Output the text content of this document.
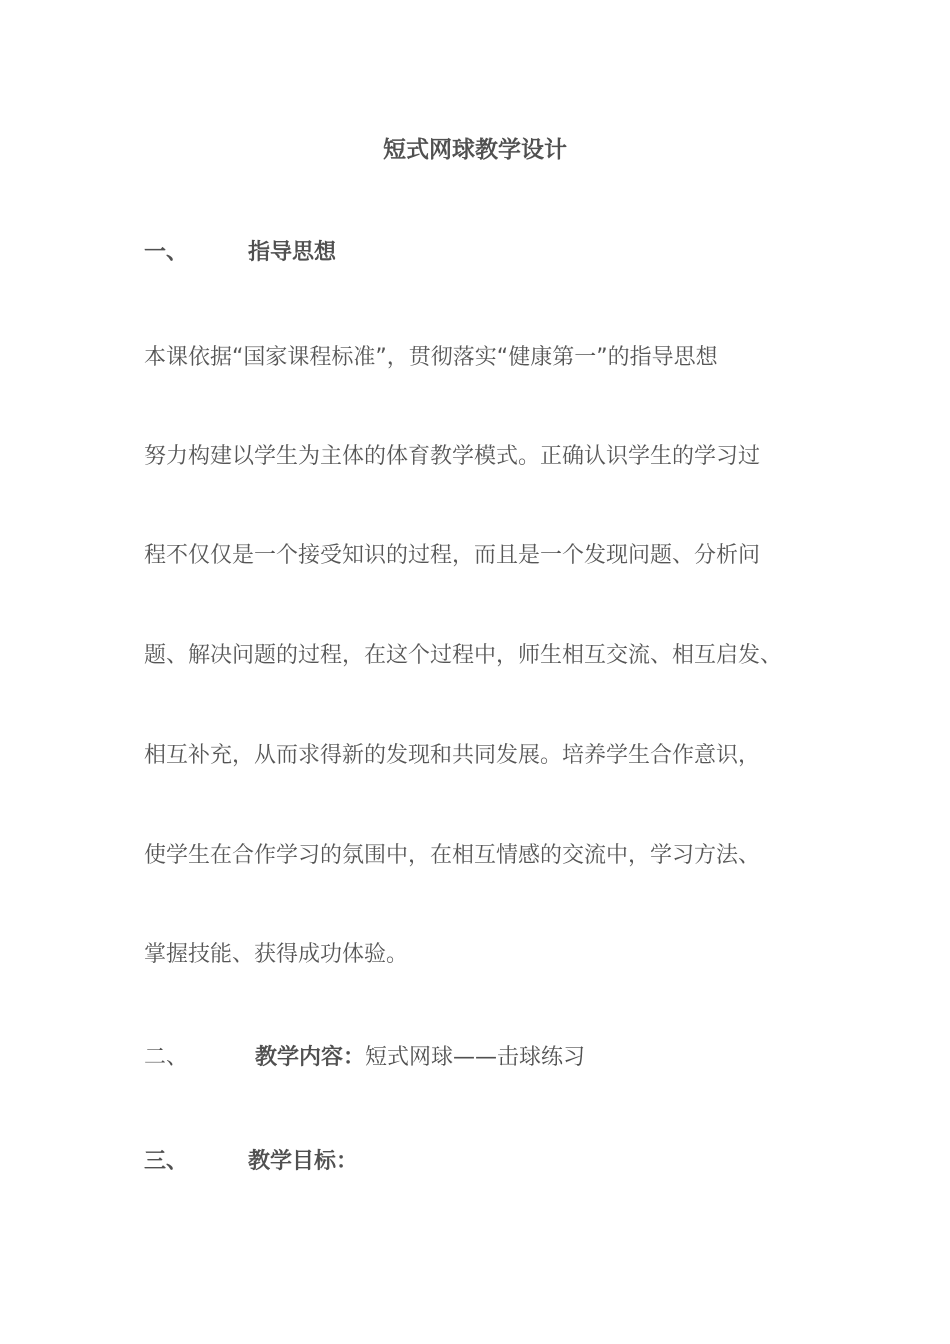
短式网球教学设计
一、	指导思想

本课依据“国家课程标准”，贯彻落实“健康第一”的指导思想

努力构建以学生为主体的体育教学模式。正确认识学生的学习过

程不仅仅是一个接受知识的过程，而且是一个发现问题、分析问

题、解决问题的过程，在这个过程中，师生相互交流、相互启发、

相互补充，从而求得新的发现和共同发展。培养学生合作意识，

使学生在合作学习的氛围中，在相互情感的交流中，学习方法、

掌握技能、获得成功体验。

二、	教学内容：短式网球——击球练习
三、	教学目标：
